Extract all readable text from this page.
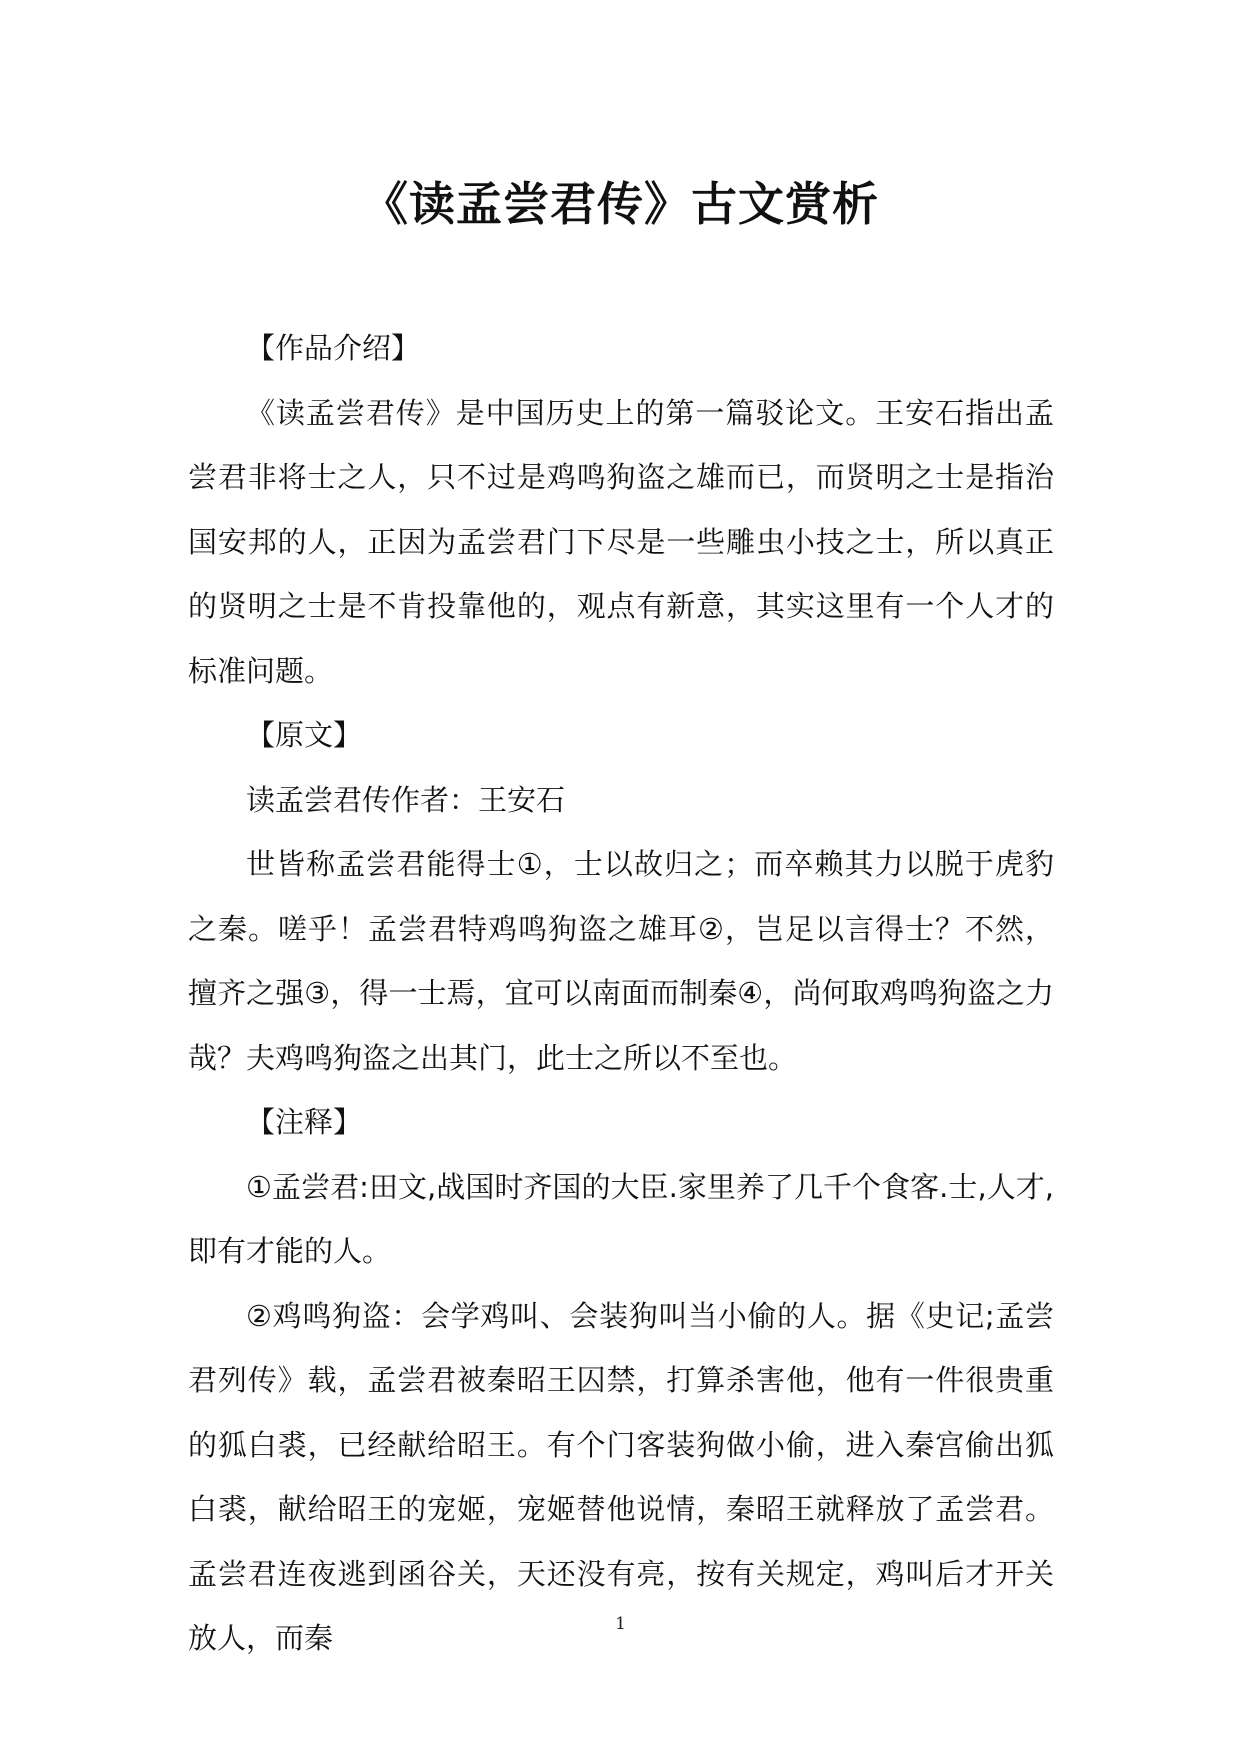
《读孟尝君传》古文赏析

【作品介绍】

《读孟尝君传》是中国历史上的第一篇驳论文。王安石指出孟尝君非将士之人，只不过是鸡鸣狗盗之雄而已，而贤明之士是指治国安邦的人，正因为孟尝君门下尽是一些雕虫小技之士，所以真正的贤明之士是不肯投靠他的，观点有新意，其实这里有一个人才的标准问题。

【原文】

读孟尝君传作者：王安石

世皆称孟尝君能得士①，士以故归之；而卒赖其力以脱于虎豹之秦。嗟乎！孟尝君特鸡鸣狗盗之雄耳②，岂足以言得士？不然，擅齐之强③，得一士焉，宜可以南面而制秦④，尚何取鸡鸣狗盗之力哉？夫鸡鸣狗盗之出其门，此士之所以不至也。

【注释】

①孟尝君:田文,战国时齐国的大臣.家里养了几千个食客.士,人才,即有才能的人。

②鸡鸣狗盗：会学鸡叫、会装狗叫当小偷的人。据《史记;孟尝君列传》载，孟尝君被秦昭王囚禁，打算杀害他，他有一件很贵重的狐白裘，已经献给昭王。有个门客装狗做小偷，进入秦宫偷出狐白裘，献给昭王的宠姬，宠姬替他说情，秦昭王就释放了孟尝君。孟尝君连夜逃到函谷关，天还没有亮，按有关规定，鸡叫后才开关放人，而秦	1
